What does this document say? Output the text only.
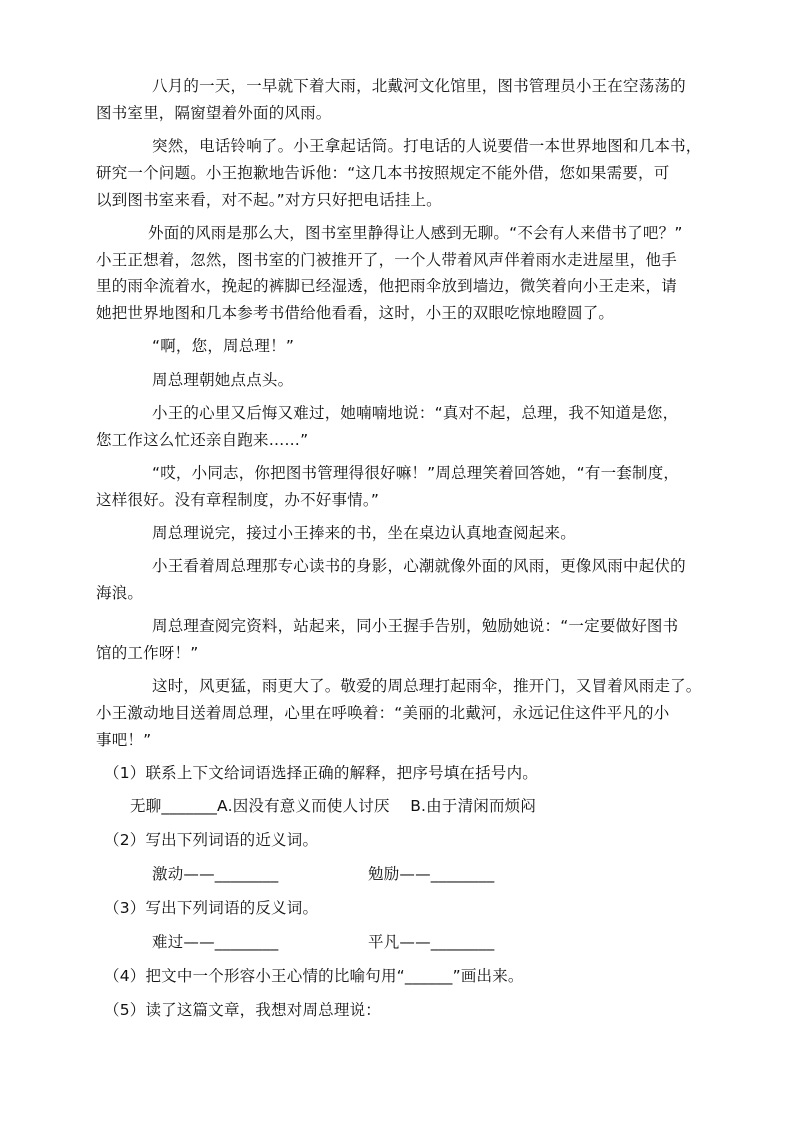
八月的一天，一早就下着大雨，北戴河文化馆里，图书管理员小王在空荡荡的
图书室里，隔窗望着外面的风雨。
突然，电话铃响了。小王拿起话筒。打电话的人说要借一本世界地图和几本书，
研究一个问题。小王抱歉地告诉他：“这几本书按照规定不能外借，您如果需要，可
以到图书室来看，对不起。”对方只好把电话挂上。
外面的风雨是那么大，图书室里静得让人感到无聊。“不会有人来借书了吧？”
小王正想着，忽然，图书室的门被推开了，一个人带着风声伴着雨水走进屋里，他手
里的雨伞流着水，挽起的裤脚已经湿透，他把雨伞放到墙边，微笑着向小王走来，请
她把世界地图和几本参考书借给他看看，这时，小王的双眼吃惊地瞪圆了。
“啊，您，周总理！”
周总理朝她点点头。
小王的心里又后悔又难过，她喃喃地说：“真对不起，总理，我不知道是您，
您工作这么忙还亲自跑来……”
“哎，小同志，你把图书管理得很好嘛！”周总理笑着回答她，“有一套制度，
这样很好。没有章程制度，办不好事情。”
周总理说完，接过小王捧来的书，坐在桌边认真地查阅起来。
小王看着周总理那专心读书的身影，心潮就像外面的风雨，更像风雨中起伏的
海浪。
周总理查阅完资料，站起来，同小王握手告别，勉励她说：“一定要做好图书
馆的工作呀！”
这时，风更猛，雨更大了。敬爱的周总理打起雨伞，推开门，又冒着风雨走了。
小王激动地目送着周总理，心里在呼唤着：“美丽的北戴河，永远记住这件平凡的小
事吧！”
（1）联系上下文给词语选择正确的解释，把序号填在括号内。
无聊_______A.因没有意义而使人讨厌    B.由于清闲而烦闷
（2）写出下列词语的近义词。
激动——________	勉励——________
（3）写出下列词语的反义词。
难过——________	平凡——________
（4）把文中一个形容小王心情的比喻句用“______”画出来。
（5）读了这篇文章，我想对周总理说：
